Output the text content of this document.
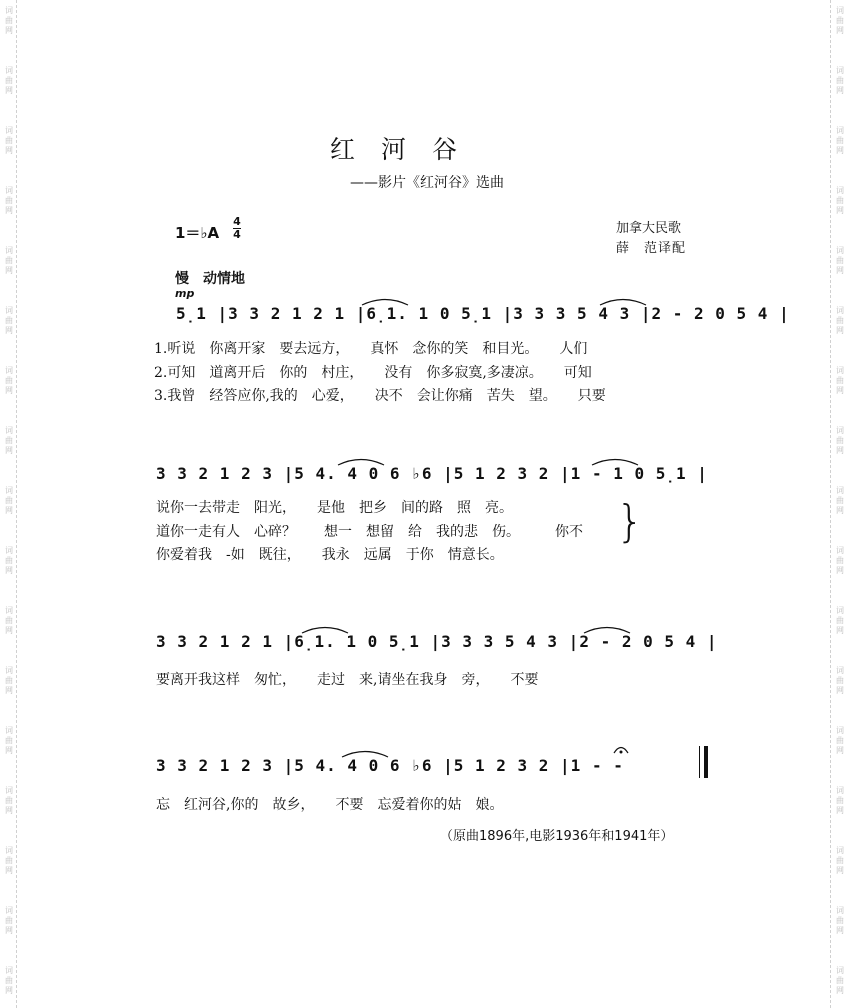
词曲网
词曲网
词曲网
词曲网
词曲网
词曲网
词曲网
词曲网
词曲网
词曲网
词曲网
词曲网
词曲网
词曲网
词曲网
词曲网
词曲网
词曲网
词曲网
词曲网
词曲网
词曲网
词曲网
词曲网
词曲网
词曲网
词曲网
词曲网
词曲网
词曲网
词曲网
词曲网
词曲网
词曲网
红河谷
——影片《红河谷》选曲
1＝♭A
4
4	加拿大民歌
薛　范译配
慢　动情地
mp
5̣1 |3 3 2 1 2 1 |6̣1. 1 0 5̣1 |3 3 3 5 4 3 |2 - 2 0 5 4 |
1.听说　你离开家　要去远方，　　真怀　念你的笑　和目光。　　人们
2.可知　道离开后　你的　村庄，　　没有　你多寂寞,多凄凉。　　可知
3.我曾　经答应你,我的　心爱，　　决不　会让你痛　苦失　望。　　只要
3 3 2 1 2 3 |5 4. 4 0 6 ♭6 |5 1 2 3 2 |1 - 1 0 5̣1 |
说你一去带走　阳光，　　是他　把乡　间的路　照　亮。
道你一走有人　心碎？　　想一　想留　给　我的悲　伤。　　　你不
你爱着我　-如　既往，　　我永　远属　于你　情意长。
}
3 3 2 1 2 1 |6̣1. 1 0 5̣1 |3 3 3 5 4 3 |2 - 2 0 5 4 |
要离开我这样　匆忙，　　走过　来,请坐在我身　旁，　　不要
3 3 2 1 2 3 |5 4. 4 0 6 ♭6 |5 1 2 3 2 |1 - -
忘　红河谷,你的　故乡，　　不要　忘爱着你的姑　娘。
（原曲1896年,电影1936年和1941年）
